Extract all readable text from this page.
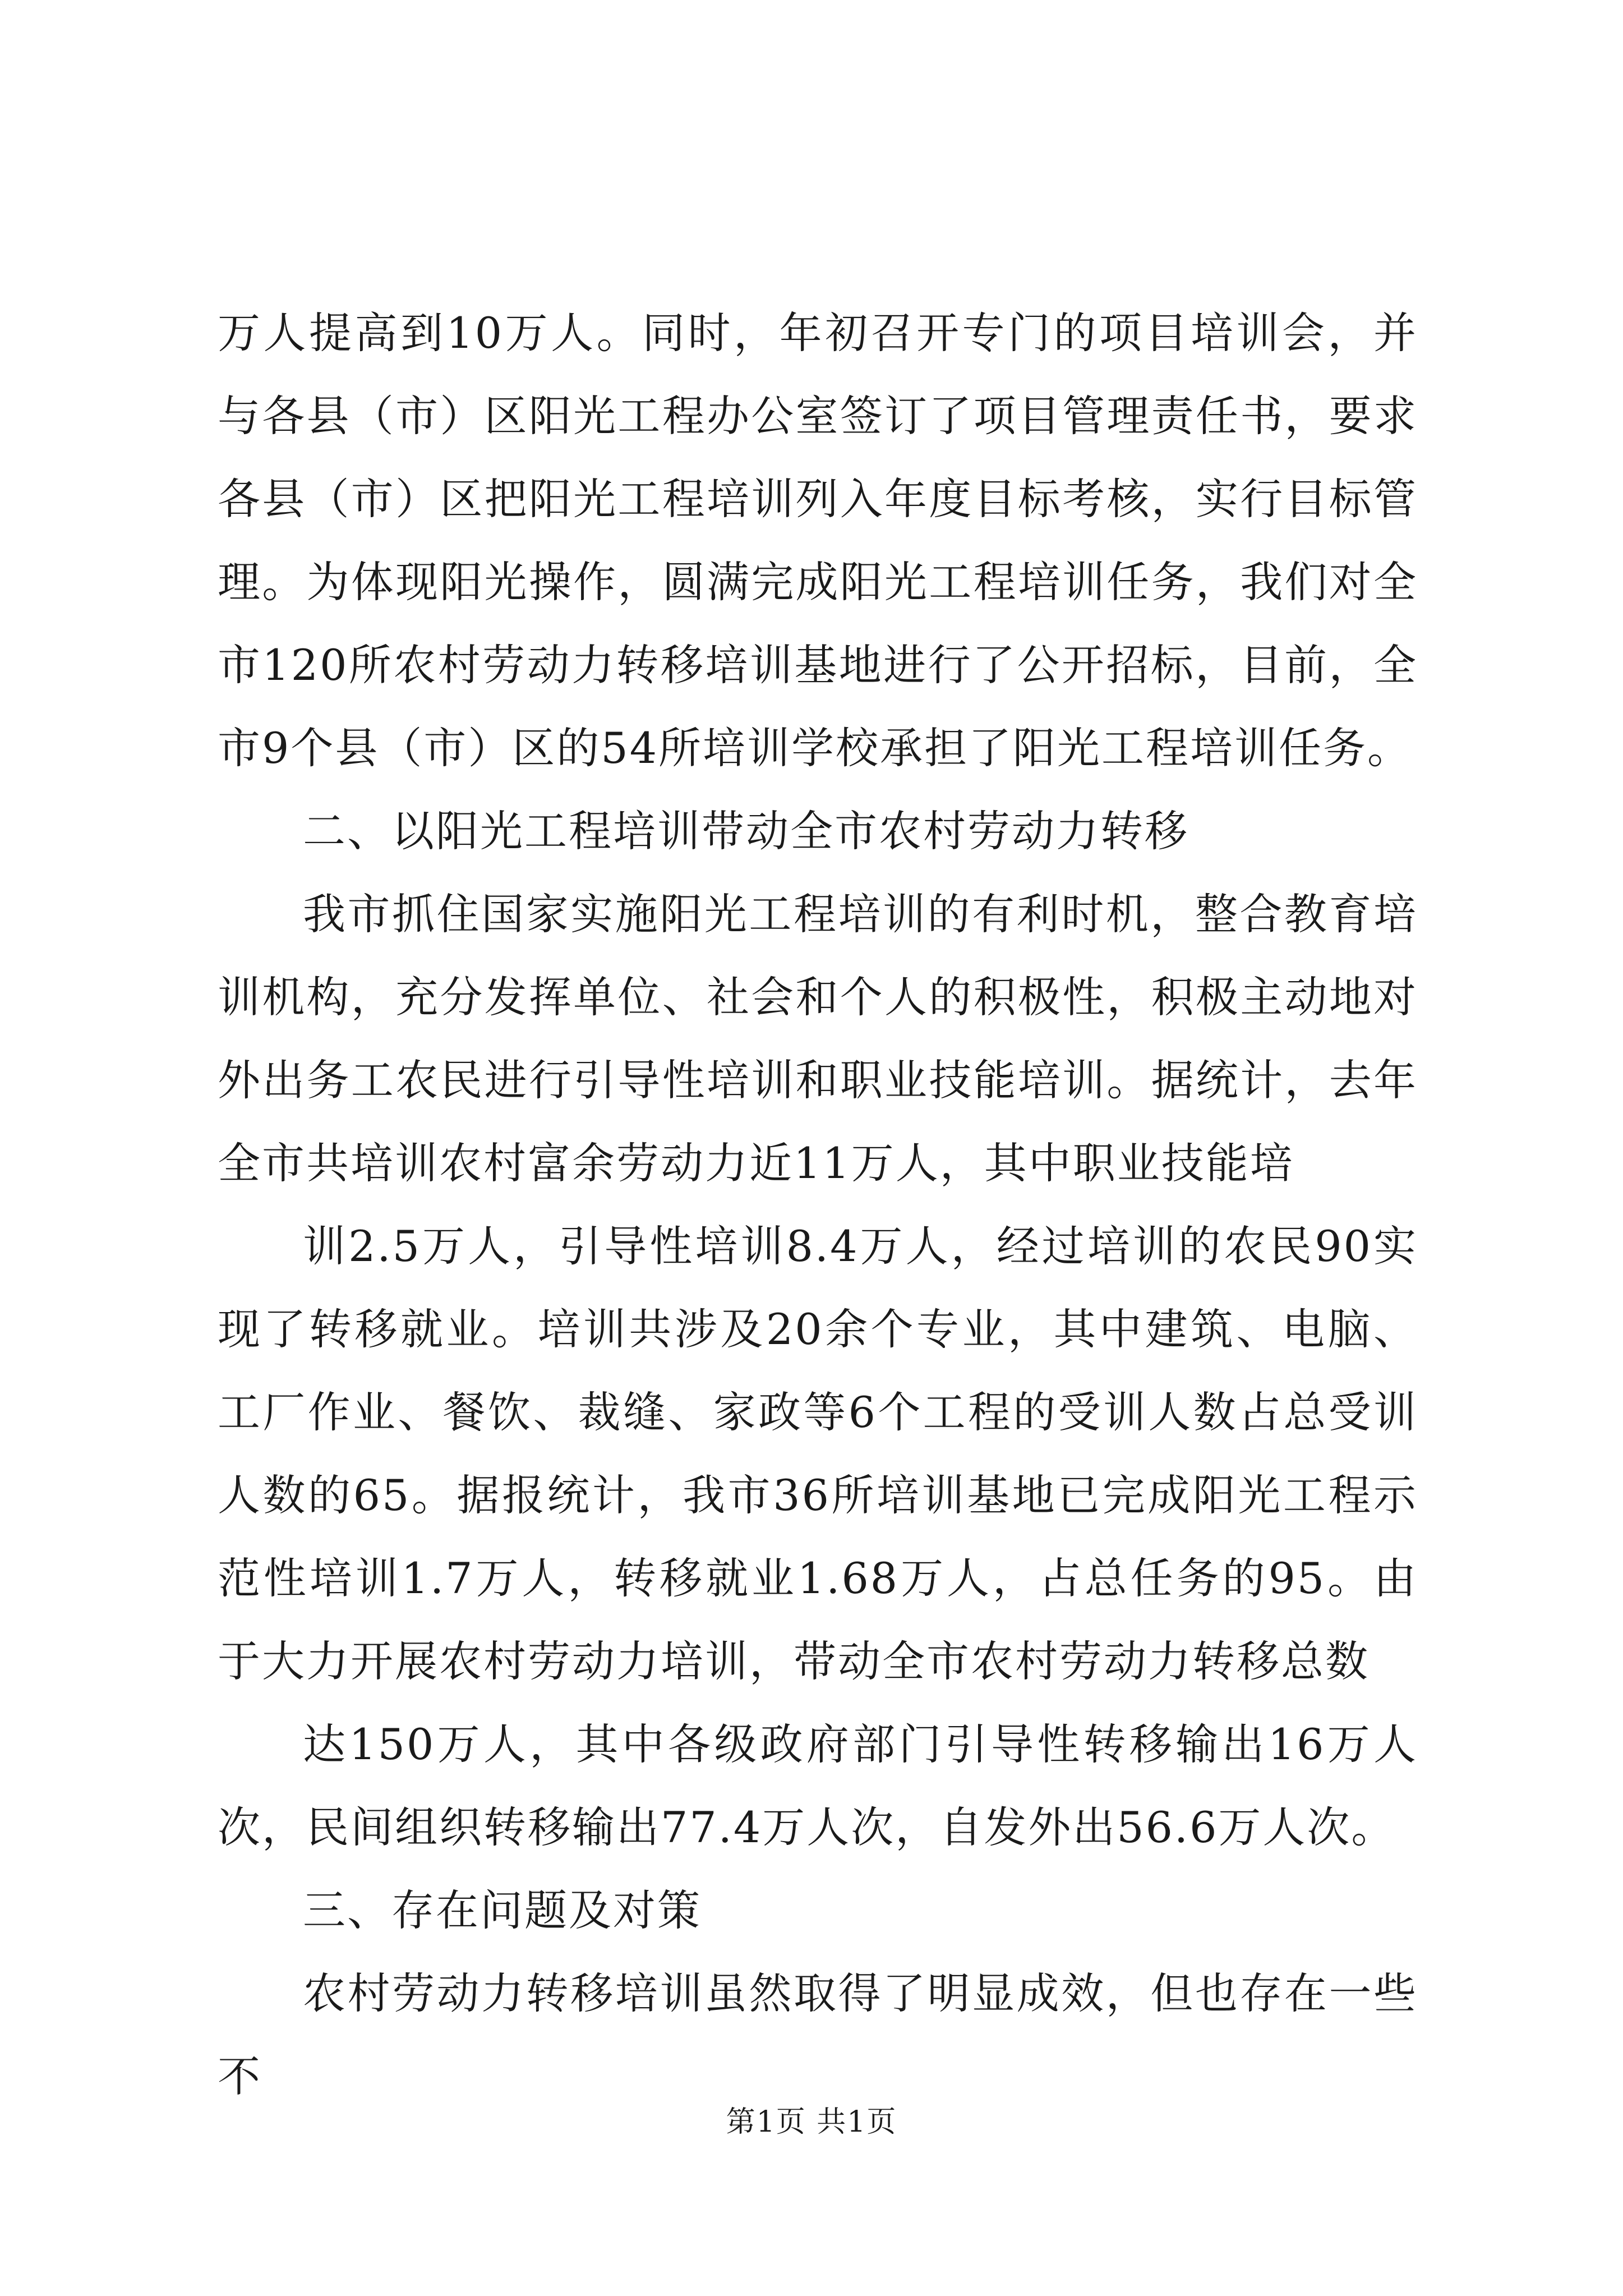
万人提高到10万人。同时，年初召开专门的项目培训会，并与各县（市）区阳光工程办公室签订了项目管理责任书，要求各县（市）区把阳光工程培训列入年度目标考核，实行目标管理。为体现阳光操作，圆满完成阳光工程培训任务，我们对全市120所农村劳动力转移培训基地进行了公开招标，目前，全市9个县（市）区的54所培训学校承担了阳光工程培训任务。

二、以阳光工程培训带动全市农村劳动力转移

我市抓住国家实施阳光工程培训的有利时机，整合教育培训机构，充分发挥单位、社会和个人的积极性，积极主动地对外出务工农民进行引导性培训和职业技能培训。据统计，去年全市共培训农村富余劳动力近11万人，其中职业技能培

训2.5万人，引导性培训8.4万人，经过培训的农民90实现了转移就业。培训共涉及20余个专业，其中建筑、电脑、工厂作业、餐饮、裁缝、家政等6个工程的受训人数占总受训人数的65。据报统计，我市36所培训基地已完成阳光工程示范性培训1.7万人，转移就业1.68万人，占总任务的95。由于大力开展农村劳动力培训，带动全市农村劳动力转移总数

达150万人，其中各级政府部门引导性转移输出16万人次，民间组织转移输出77.4万人次，自发外出56.6万人次。

三、存在问题及对策

农村劳动力转移培训虽然取得了明显成效，但也存在一些不

第1页 共1页
